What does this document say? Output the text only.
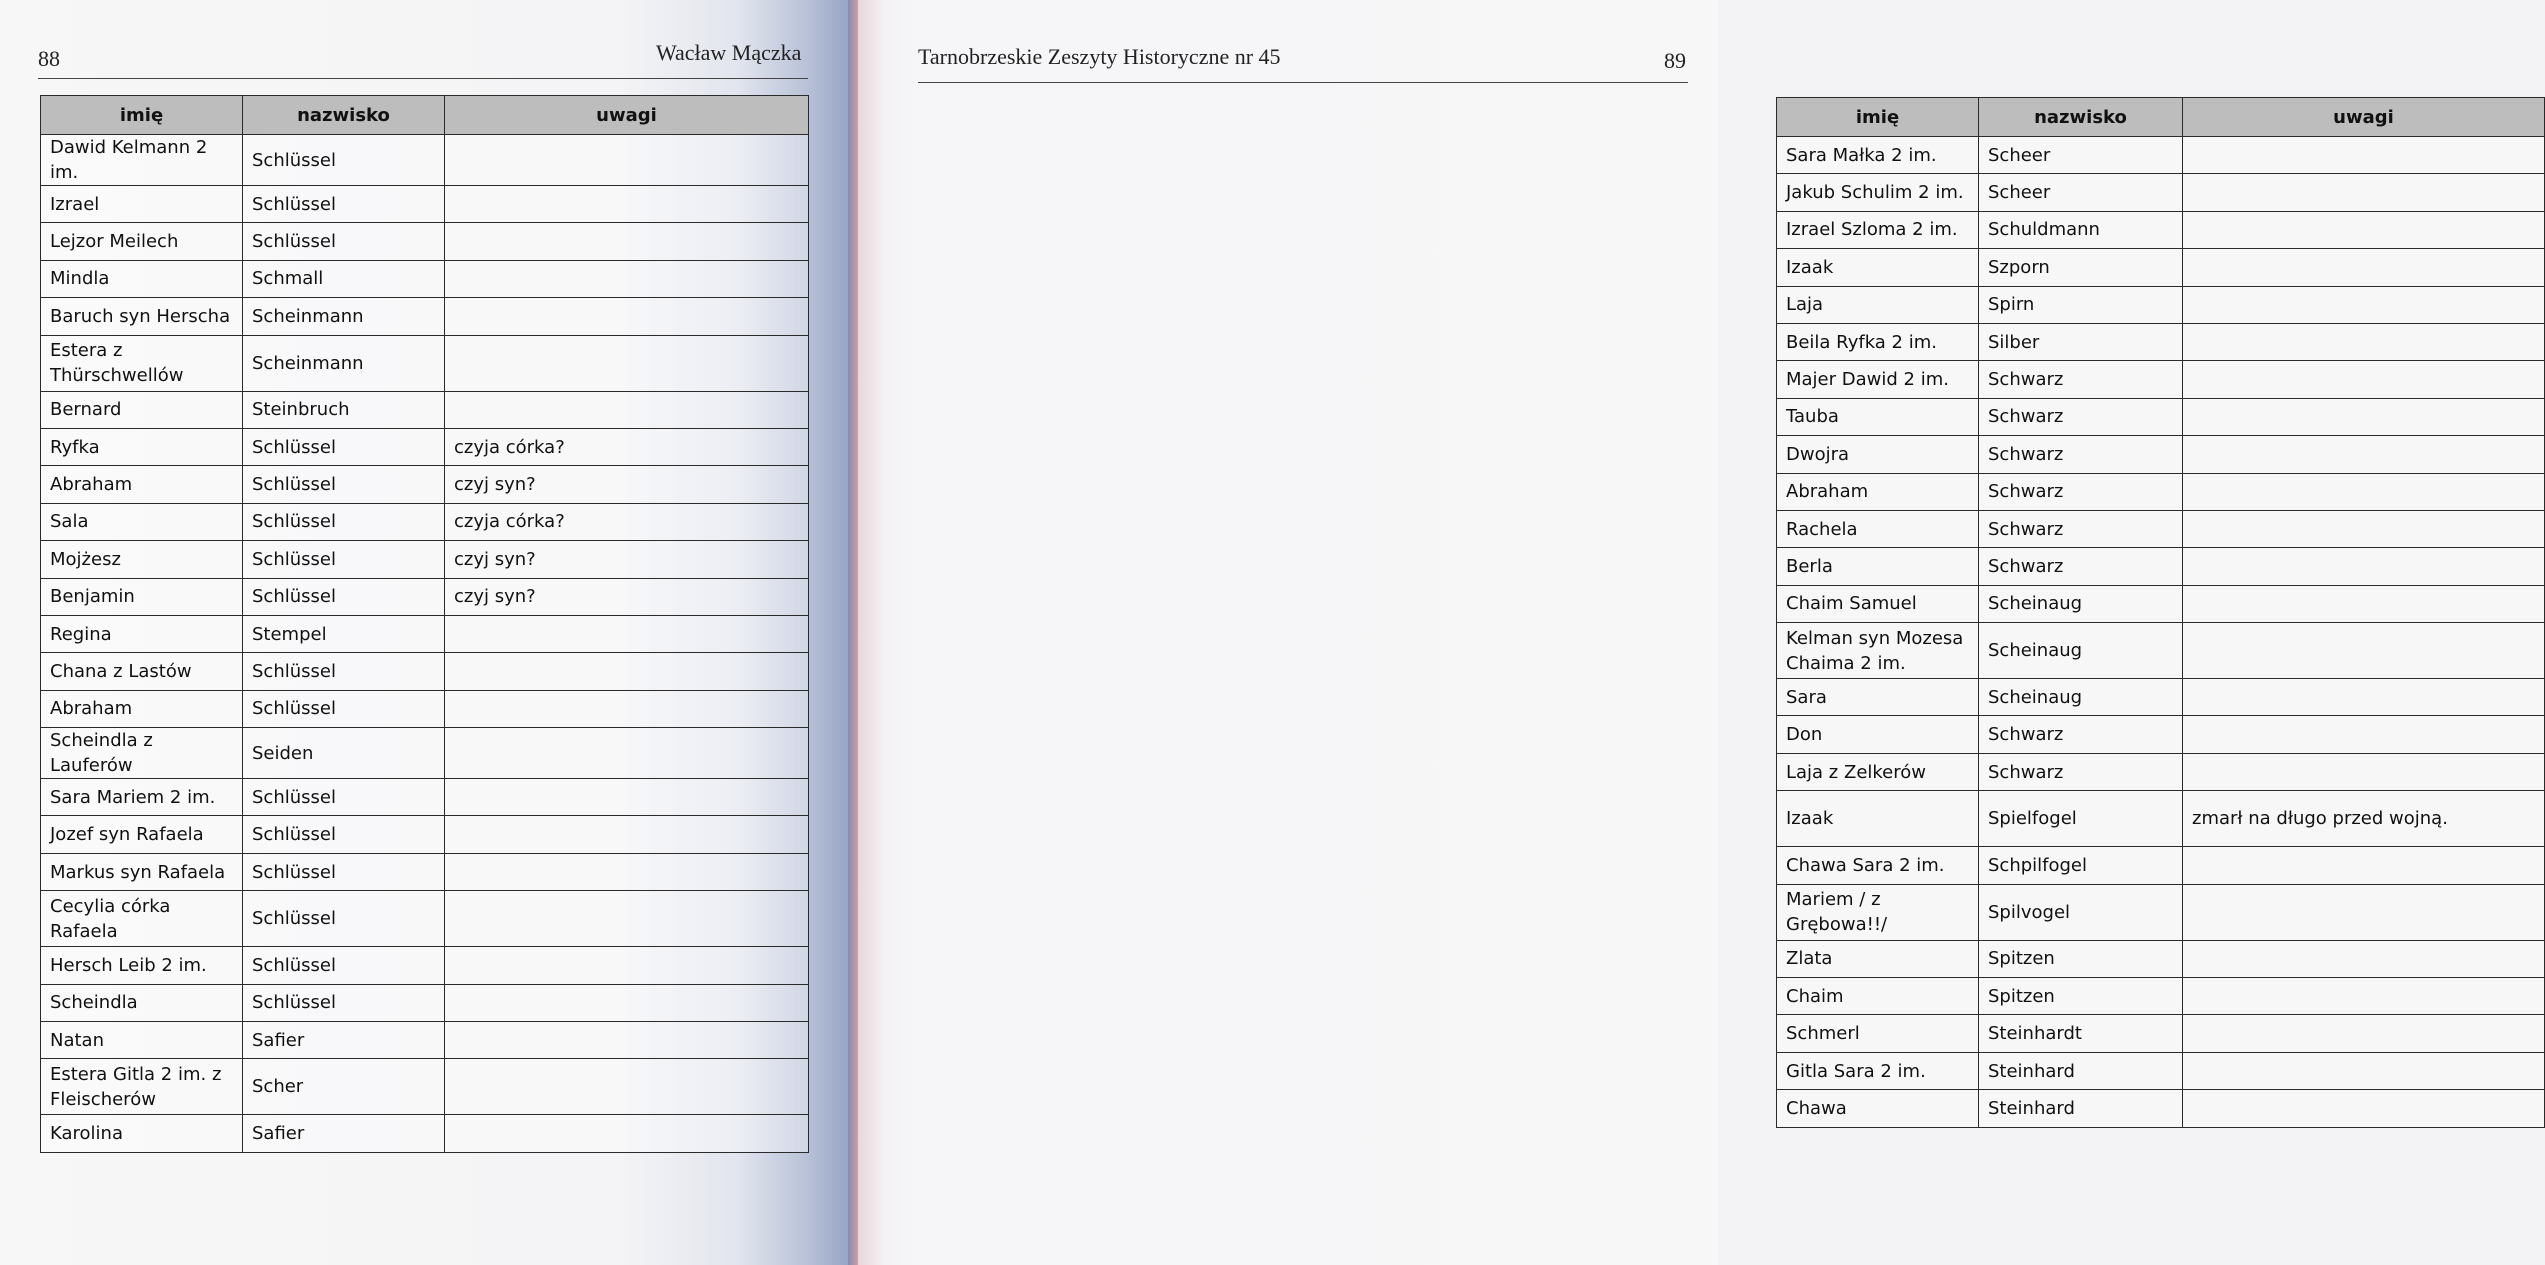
88	Wacław Mączka
imię	nazwisko	uwagi
Dawid Kelmann 2 im.	Schlüssel	
Izrael	Schlüssel	
Lejzor Meilech	Schlüssel	
Mindla	Schmall	
Baruch syn Herscha	Scheinmann	
Estera z Thürschwellów	Scheinmann	
Bernard	Steinbruch	
Ryfka	Schlüssel	czyja córka?
Abraham	Schlüssel	czyj syn?
Sala	Schlüssel	czyja córka?
Mojżesz	Schlüssel	czyj syn?
Benjamin	Schlüssel	czyj syn?
Regina	Stempel	
Chana z Lastów	Schlüssel	
Abraham	Schlüssel	
Scheindla z Lauferów	Seiden	
Sara Mariem 2 im.	Schlüssel	
Jozef syn Rafaela	Schlüssel	
Markus syn Rafaela	Schlüssel	
Cecylia córka Rafaela	Schlüssel	
Hersch Leib 2 im.	Schlüssel	
Scheindla	Schlüssel	
Natan	Safier	
Estera Gitla 2 im. z Fleischerów	Scher	
Karolina	Safier	
Tarnobrzeskie Zeszyty Historyczne nr 45	89
imię	nazwisko	uwagi
Sara Małka 2 im.	Scheer	
Jakub Schulim 2 im.	Scheer	
Izrael Szloma 2 im.	Schuldmann	
Izaak	Szporn	
Laja	Spirn	
Beila Ryfka 2 im.	Silber	
Majer Dawid 2 im.	Schwarz	
Tauba	Schwarz	
Dwojra	Schwarz	
Abraham	Schwarz	
Rachela	Schwarz	
Berla	Schwarz	
Chaim Samuel	Scheinaug	
Kelman syn Mozesa Chaima 2 im.	Scheinaug	
Sara	Scheinaug	
Don	Schwarz	
Laja z Zelkerów	Schwarz	
Izaak	Spielfogel	zmarł na długo przed wojną.
Chawa Sara 2 im.	Schpilfogel	
Mariem / z Grębowa!!/	Spilvogel	
Zlata	Spitzen	
Chaim	Spitzen	
Schmerl	Steinhardt	
Gitla Sara 2 im.	Steinhard	
Chawa	Steinhard	
